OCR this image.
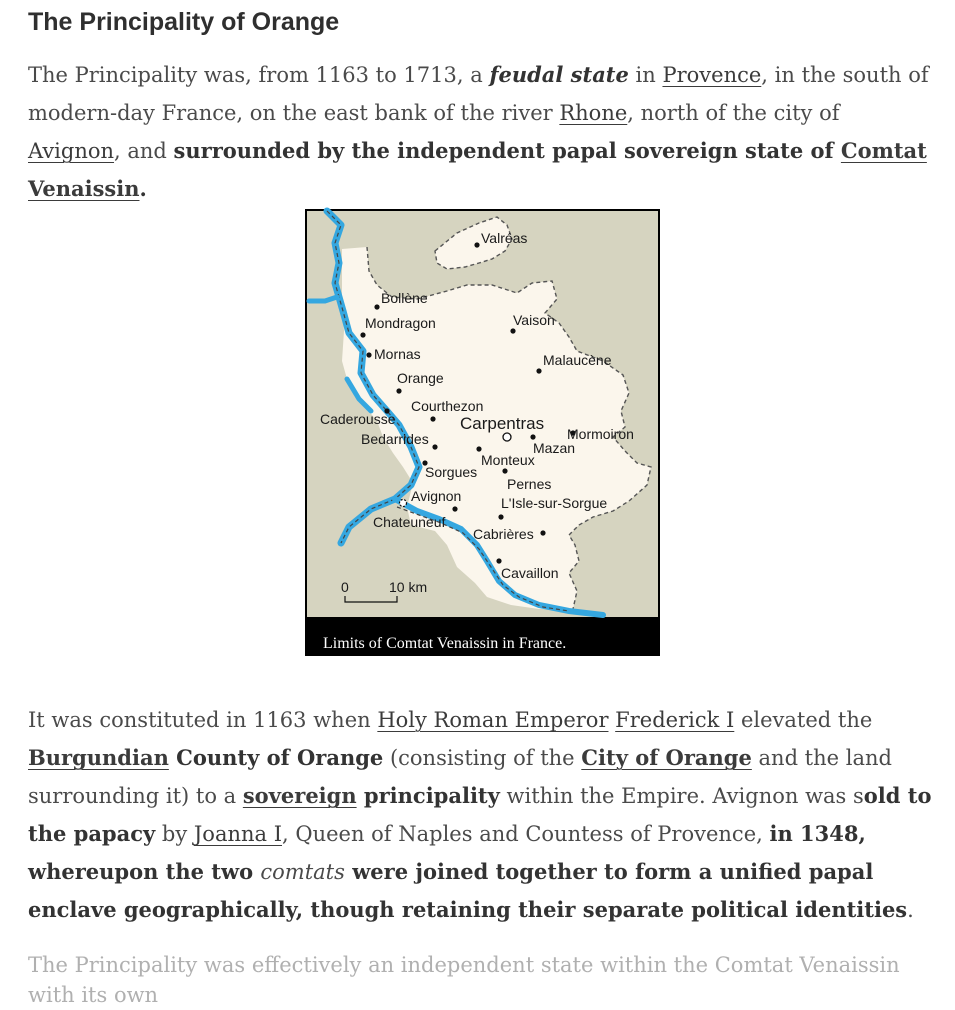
The Principality of Orange

The Principality was, from 1163 to 1713, a feudal state in Provence, in the south of modern-day France, on the east bank of the river Rhone, north of the city of Avignon, and surrounded by the independent papal sovereign state of Comtat Venaissin.

Valréas
Bollène
Mondragon	Vaison
Mornas	Malaucène
Orange
Courthezon
Caderousse	Carpentras
Mormoiron
Bedarrides
Mazan
Monteux
Sorgues
Pernes
Avignon	L'Isle-sur-Sorgue
Chateuneuf
Cabrières
Cavaillon
0	10 km
Limits of Comtat Venaissin in France.

It was constituted in 1163 when Holy Roman Emperor Frederick I elevated the Burgundian County of Orange (consisting of the City of Orange and the land surrounding it) to a sovereign principality within the Empire. Avignon was sold to the papacy by Joanna I, Queen of Naples and Countess of Provence, in 1348, whereupon the two comtats were joined together to form a unified papal enclave geographically, though retaining their separate political identities.

The Principality was effectively an independent state within the Comtat Venaissin with its own
